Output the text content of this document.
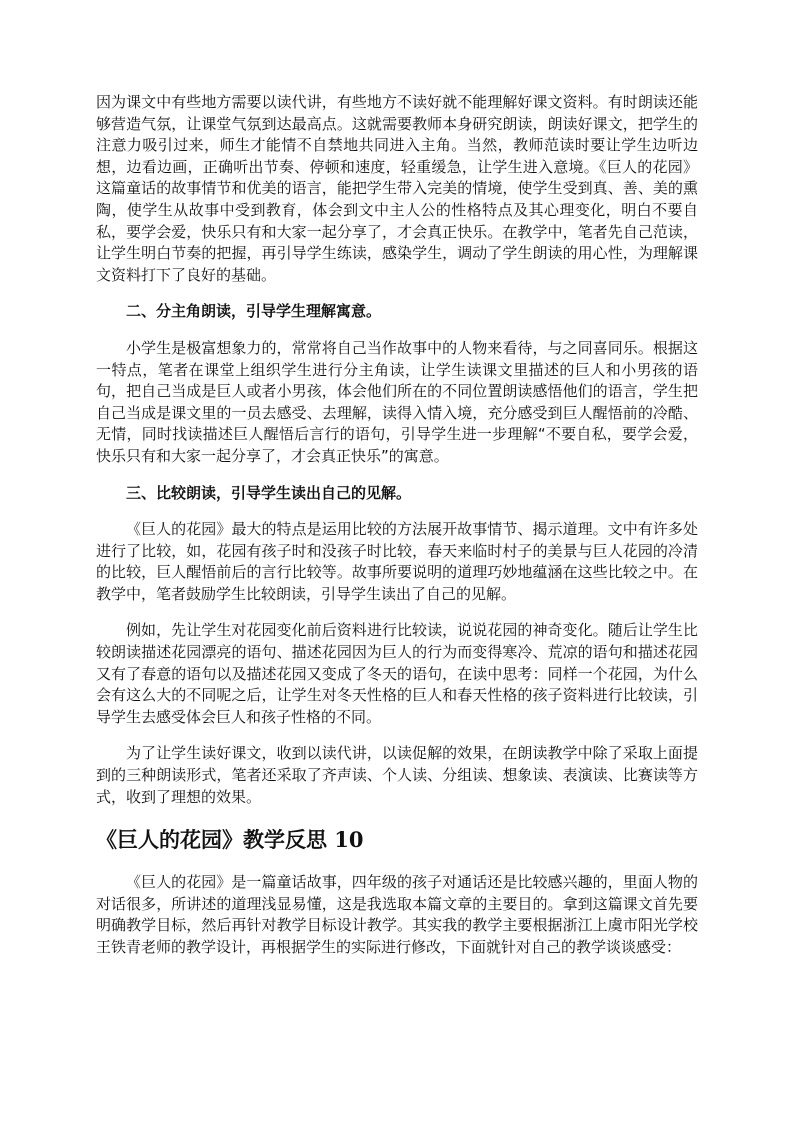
因为课文中有些地方需要以读代讲，有些地方不读好就不能理解好课文资料。有时朗读还能够营造气氛，让课堂气氛到达最高点。这就需要教师本身研究朗读，朗读好课文，把学生的注意力吸引过来，师生才能情不自禁地共同进入主角。当然，教师范读时要让学生边听边想，边看边画，正确听出节奏、停顿和速度，轻重缓急，让学生进入意境。《巨人的花园》这篇童话的故事情节和优美的语言，能把学生带入完美的情境，使学生受到真、善、美的熏陶，使学生从故事中受到教育，体会到文中主人公的性格特点及其心理变化，明白不要自私，要学会爱，快乐只有和大家一起分享了，才会真正快乐。在教学中，笔者先自己范读，让学生明白节奏的把握，再引导学生练读，感染学生，调动了学生朗读的用心性，为理解课文资料打下了良好的基础。

二、分主角朗读，引导学生理解寓意。

小学生是极富想象力的，常常将自己当作故事中的人物来看待，与之同喜同乐。根据这一特点，笔者在课堂上组织学生进行分主角读，让学生读课文里描述的巨人和小男孩的语句，把自己当成是巨人或者小男孩，体会他们所在的不同位置朗读感悟他们的语言，学生把自己当成是课文里的一员去感受、去理解，读得入情入境，充分感受到巨人醒悟前的冷酷、无情，同时找读描述巨人醒悟后言行的语句，引导学生进一步理解“不要自私，要学会爱，快乐只有和大家一起分享了，才会真正快乐”的寓意。

三、比较朗读，引导学生读出自己的见解。

《巨人的花园》最大的特点是运用比较的方法展开故事情节、揭示道理。文中有许多处进行了比较，如，花园有孩子时和没孩子时比较，春天来临时村子的美景与巨人花园的冷清的比较，巨人醒悟前后的言行比较等。故事所要说明的道理巧妙地蕴涵在这些比较之中。在教学中，笔者鼓励学生比较朗读，引导学生读出了自己的见解。

例如，先让学生对花园变化前后资料进行比较读，说说花园的神奇变化。随后让学生比较朗读描述花园漂亮的语句、描述花园因为巨人的行为而变得寒冷、荒凉的语句和描述花园又有了春意的语句以及描述花园又变成了冬天的语句，在读中思考：同样一个花园，为什么会有这么大的不同呢之后，让学生对冬天性格的巨人和春天性格的孩子资料进行比较读，引导学生去感受体会巨人和孩子性格的不同。

为了让学生读好课文，收到以读代讲，以读促解的效果，在朗读教学中除了采取上面提到的三种朗读形式，笔者还采取了齐声读、个人读、分组读、想象读、表演读、比赛读等方式，收到了理想的效果。

《巨人的花园》教学反思 10

《巨人的花园》是一篇童话故事，四年级的孩子对通话还是比较感兴趣的，里面人物的对话很多，所讲述的道理浅显易懂，这是我选取本篇文章的主要目的。拿到这篇课文首先要明确教学目标，然后再针对教学目标设计教学。其实我的教学主要根据浙江上虞市阳光学校王铁青老师的教学设计，再根据学生的实际进行修改，下面就针对自己的教学谈谈感受：
